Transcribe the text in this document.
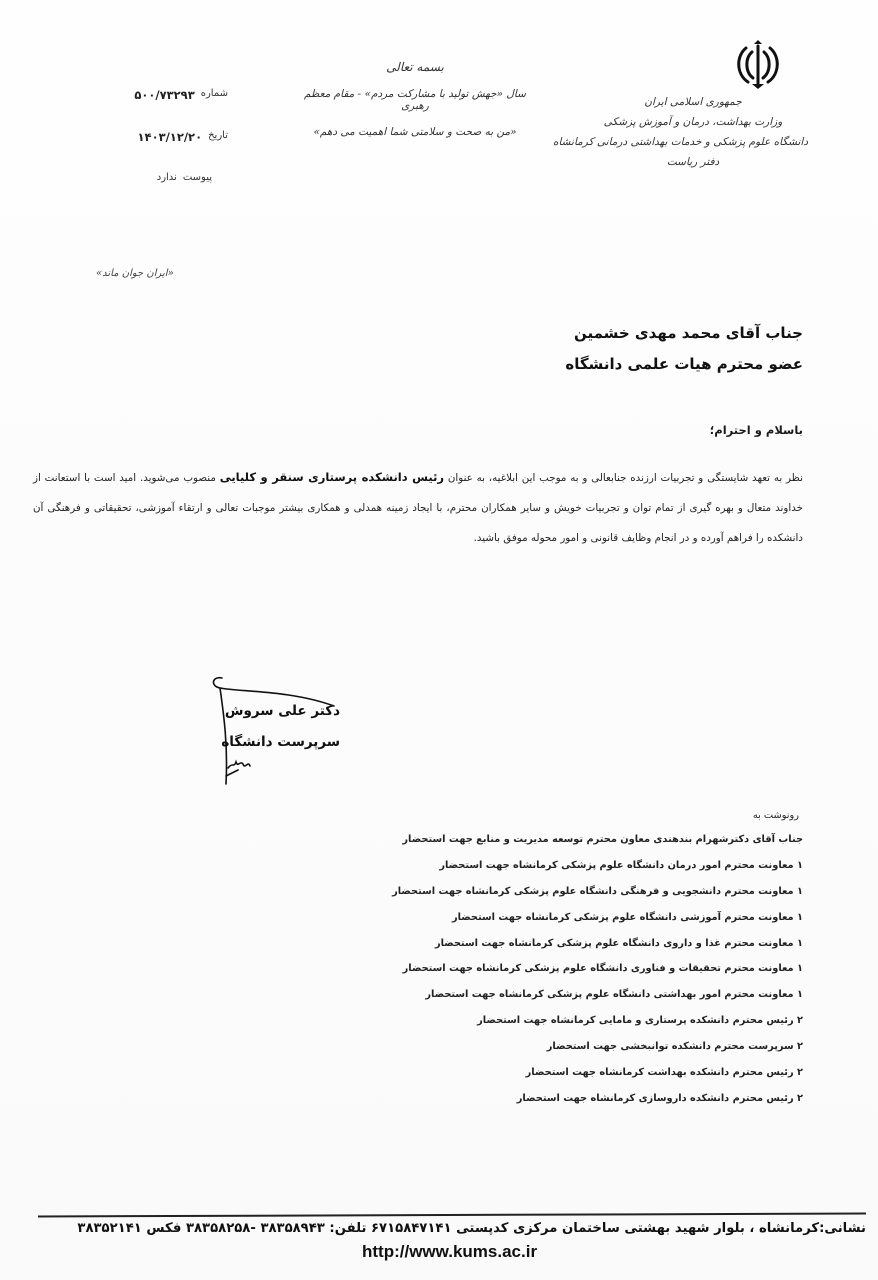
جمهوری اسلامی ایران
وزارت بهداشت، درمان و آموزش پزشکی
دانشگاه علوم پزشکی و خدمات بهداشتی درمانی کرمانشاه
دفتر ریاست
بسمه تعالی
سال «جهش تولید با مشارکت مردم» - مقام معظم رهبری
«من به صحت و سلامتی شما اهمیت می دهم»
شماره
۵۰۰/۷۳۲۹۳
تاریخ
۱۴۰۳/۱۲/۲۰
پیوست
ندارد
«ایران جوان ماند»
جناب آقای محمد مهدی خشمین
عضو محترم هیات علمی دانشگاه
باسلام و احترام؛
نظر به تعهد شایستگی و تجربیات ارزنده جنابعالی و به موجب این ابلاغیه، به عنوان رئیس دانشکده پرستاری سنقر و کلیایی منصوب می‌شوید. امید است با استعانت از خداوند متعال و بهره گیری از تمام توان و تجربیات خویش و سایر همکاران محترم، با ایجاد زمینه همدلی و همکاری بیشتر موجبات تعالی و ارتقاء آموزشی، تحقیقاتی و فرهنگی آن دانشکده را فراهم آورده و در انجام وظایف قانونی و امور محوله موفق باشید.
دکتر علی سروش
سرپرست دانشگاه
رونوشت به
جناب آقای دکترشهرام بندهندی معاون محترم توسعه مدیریت و منابع جهت استحضار
۱ معاونت محترم امور درمان دانشگاه علوم پزشکی کرمانشاه جهت استحضار
۱ معاونت محترم دانشجویی و فرهنگی دانشگاه علوم پزشکی کرمانشاه جهت استحضار
۱ معاونت محترم آموزشی دانشگاه علوم پزشکی کرمانشاه جهت استحضار
۱ معاونت محترم غذا و داروی دانشگاه علوم پزشکی کرمانشاه جهت استحضار
۱ معاونت محترم تحقیقات و فناوری دانشگاه علوم پزشکی کرمانشاه جهت استحضار
۱ معاونت محترم امور بهداشتی دانشگاه علوم پزشکی کرمانشاه جهت استحضار
۲ رئیس محترم دانشکده پرستاری و مامایی کرمانشاه جهت استحضار
۲ سرپرست محترم دانشکده توانبخشی جهت استحضار
۲ رئیس محترم دانشکده بهداشت کرمانشاه جهت استحضار
۲ رئیس محترم دانشکده داروسازی کرمانشاه جهت استحضار
نشانی:کرمانشاه ، بلوار شهید بهشتی ساختمان مرکزی کدپستی ۶۷۱۵۸۴۷۱۴۱ تلفن: ۳۸۳۵۸۹۴۳ -۳۸۳۵۸۲۵۸ فکس ۳۸۳۵۲۱۴۱
http://www.kums.ac.ir
